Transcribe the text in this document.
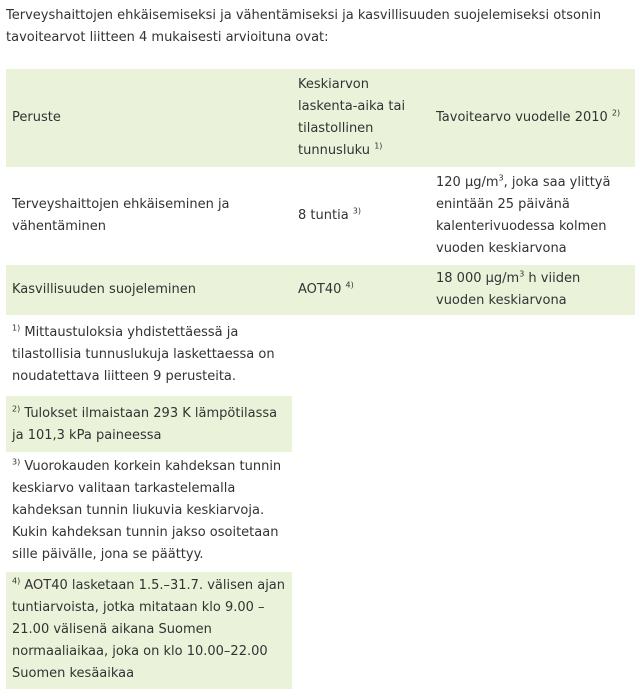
Terveyshaittojen ehkäisemiseksi ja vähentämiseksi ja kasvillisuuden suojelemiseksi otsonin
tavoitearvot liitteen 4 mukaisesti arvioituna ovat:

Peruste	Keskiarvon laskenta-aika tai tilastollinen tunnusluku $^{1)}$	Tavoitearvo vuodelle 2010 $^{2)}$
Terveyshaittojen ehkäiseminen ja vähentäminen	8 tuntia $^{3)}$	120 $\mu g/m^3$, joka saa ylittyä enintään 25 päivänä kalenterivuodessa kolmen vuoden keskiarvona
Kasvillisuuden suojeleminen	AOT40 $^{4)}$	18 000 $\mu g/m^3$ h viiden vuoden keskiarvona
$^{1)}$ Mittaustuloksia yhdistettäessä ja tilastollisia tunnuslukuja laskettaessa on noudatettava liitteen 9 perusteita.
$^{2)}$ Tulokset ilmaistaan 293 K lämpötilassa ja 101,3 kPa paineessa
$^{3)}$ Vuorokauden korkein kahdeksan tunnin keskiarvo valitaan tarkastelemalla kahdeksan tunnin liukuvia keskiarvoja. Kukin kahdeksan tunnin jakso osoitetaan sille päivälle, jona se päättyy.
$^{4)}$ AOT40 lasketaan 1.5.–31.7. välisen ajan tuntiarvoista, jotka mitataan klo 9.00 –21.00 välisenä aikana Suomen normaaliaikaa, joka on klo 10.00–22.00 Suomen kesäaikaa
